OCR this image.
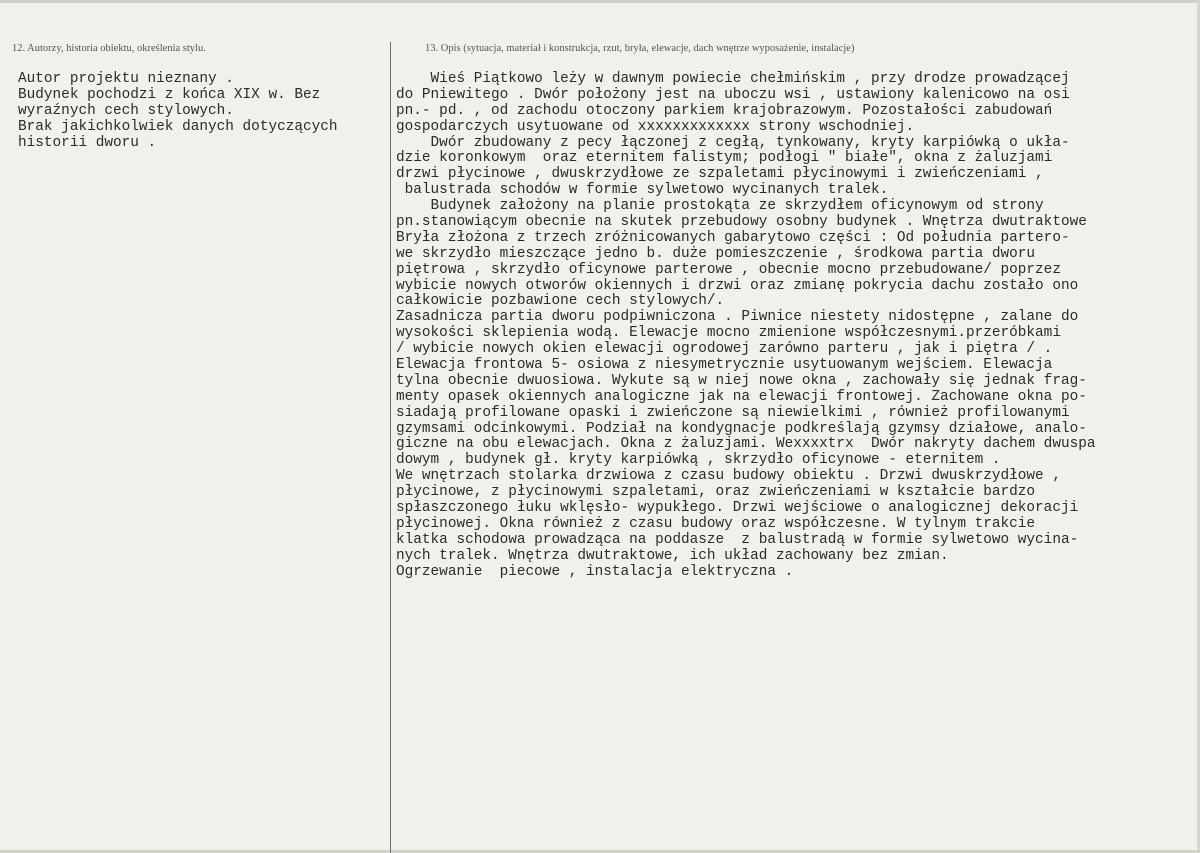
12. Autorzy, historia obiektu, określenia stylu.	13. Opis (sytuacja, materiał i konstrukcja, rzut, bryła, elewacje, dach wnętrze wyposażenie, instalacje)
Autor projektu nieznany .
Budynek pochodzi z końca XIX w. Bez
wyraźnych cech stylowych.
Brak jakichkolwiek danych dotyczących
historii dworu .
Wieś Piątkowo leży w dawnym powiecie chełmińskim , przy drodze prowadzącej
do Pniewitego . Dwór położony jest na uboczu wsi , ustawiony kalenicowo na osi
pn.- pd. , od zachodu otoczony parkiem krajobrazowym. Pozostałości zabudowań
gospodarczych usytuowane od xxxxxxxxxxxxx strony wschodniej.
Dwór zbudowany z pecy łączonej z cegłą, tynkowany, kryty karpiówką o ukła-
dzie koronkowym  oraz eternitem falistym; podłogi " białe", okna z żaluzjami
drzwi płycinowe , dwuskrzydłowe ze szpaletami płycinowymi i zwieńczeniami ,
balustrada schodów w formie sylwetowo wycinanych tralek.
Budynek założony na planie prostokąta ze skrzydłem oficynowym od strony
pn.stanowiącym obecnie na skutek przebudowy osobny budynek . Wnętrza dwutraktowe
Bryła złożona z trzech zróżnicowanych gabarytowo części : Od południa partero-
we skrzydło mieszczące jedno b. duże pomieszczenie , środkowa partia dworu
piętrowa , skrzydło oficynowe parterowe , obecnie mocno przebudowane/ poprzez
wybicie nowych otworów okiennych i drzwi oraz zmianę pokrycia dachu zostało ono
całkowicie pozbawione cech stylowych/.
Zasadnicza partia dworu podpiwniczona . Piwnice niestety nidostępne , zalane do
wysokości sklepienia wodą. Elewacje mocno zmienione współczesnymi.przeróbkami
/ wybicie nowych okien elewacji ogrodowej zarówno parteru , jak i piętra / .
Elewacja frontowa 5- osiowa z niesymetrycznie usytuowanym wejściem. Elewacja
tylna obecnie dwuosiowa. Wykute są w niej nowe okna , zachowały się jednak frag-
menty opasek okiennych analogiczne jak na elewacji frontowej. Zachowane okna po-
siadają profilowane opaski i zwieńczone są niewielkimi , również profilowanymi
gzymsami odcinkowymi. Podział na kondygnacje podkreślają gzymsy działowe, analo-
giczne na obu elewacjach. Okna z żaluzjami. Wexxxxtrx  Dwór nakryty dachem dwuspa
dowym , budynek gł. kryty karpiówką , skrzydło oficynowe - eternitem .
We wnętrzach stolarka drzwiowa z czasu budowy obiektu . Drzwi dwuskrzydłowe ,
płycinowe, z płycinowymi szpaletami, oraz zwieńczeniami w kształcie bardzo
spłaszczonego łuku wklęsło- wypukłego. Drzwi wejściowe o analogicznej dekoracji
płycinowej. Okna również z czasu budowy oraz współczesne. W tylnym trakcie
klatka schodowa prowadząca na poddasze  z balustradą w formie sylwetowo wycina-
nych tralek. Wnętrza dwutraktowe, ich układ zachowany bez zmian.
Ogrzewanie  piecowe , instalacja elektryczna .
